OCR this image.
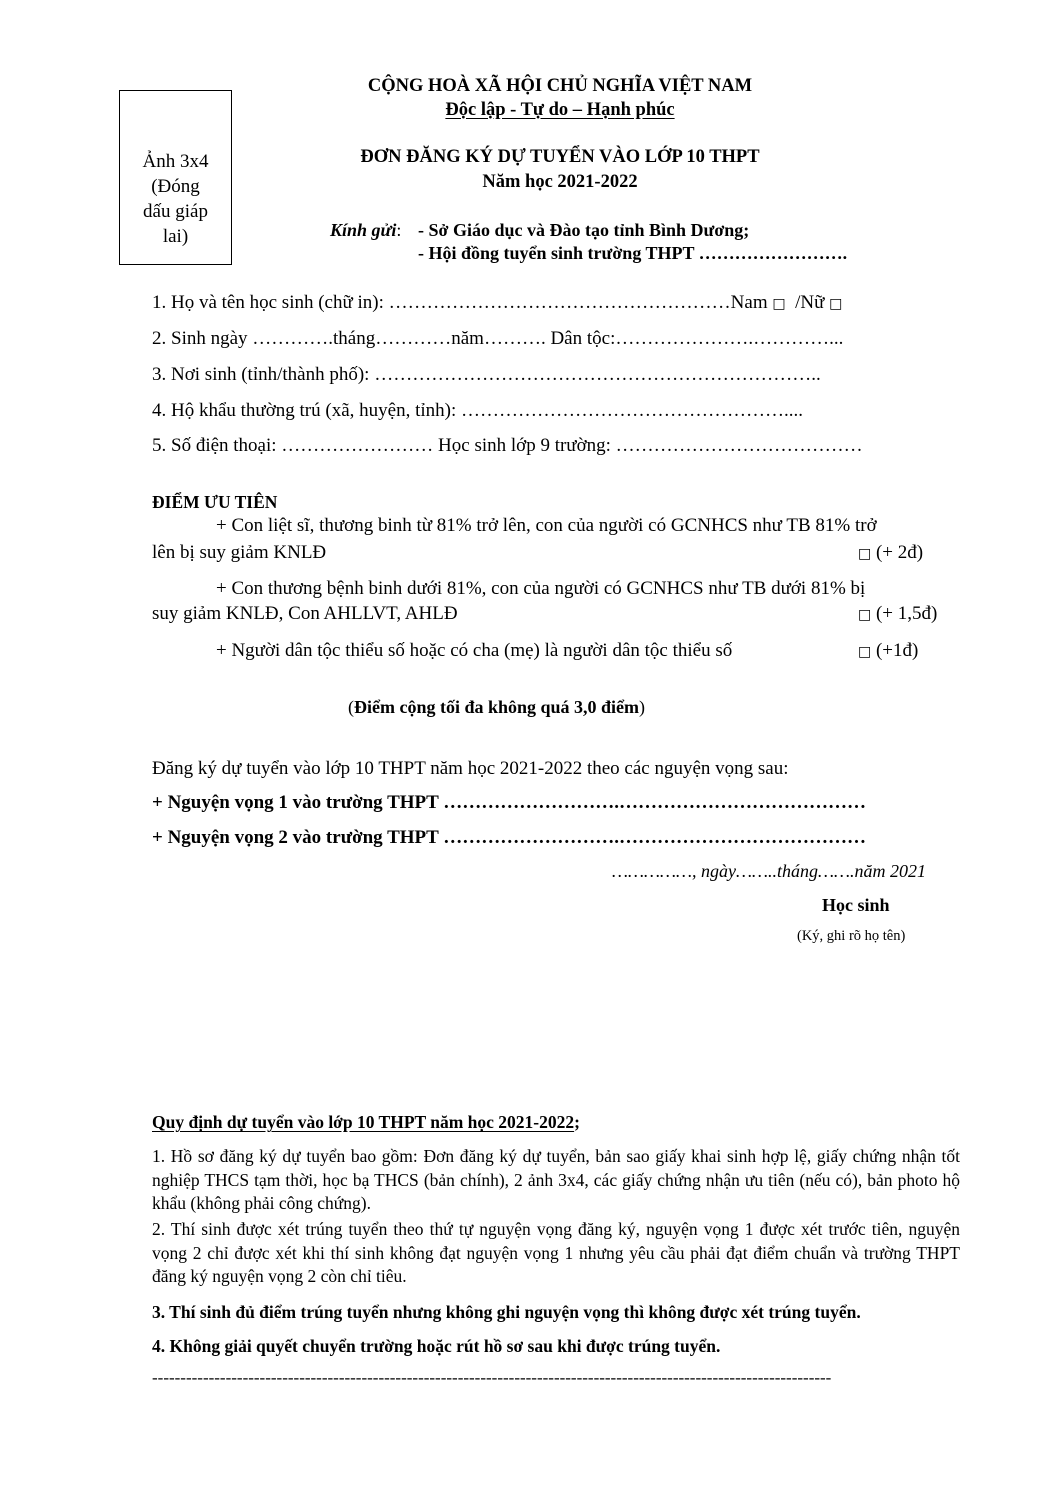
Ảnh 3x4
(Đóng
dấu giáp
lai)
CỘNG HOÀ XÃ HỘI CHỦ NGHĨA VIỆT NAM
Độc lập - Tự do – Hạnh phúc
ĐƠN ĐĂNG KÝ DỰ TUYỂN VÀO LỚP 10 THPT
Năm học 2021-2022
Kính gửi: - Sở Giáo dục và Đào tạo tỉnh Bình Dương;
- Hội đồng tuyển sinh trường THPT …………………….
1. Họ và tên học sinh (chữ in): ………………………………………………Nam □ /Nữ □
2. Sinh ngày ………….tháng…………năm………. Dân tộc:………………….…………...
3. Nơi sinh (tỉnh/thành phố): ……………………………………………………………..
4. Hộ khẩu thường trú (xã, huyện, tỉnh): ……………………………………………....
5. Số điện thoại: …………………… Học sinh lớp 9 trường: …………………………………
ĐIỂM ƯU TIÊN
+ Con liệt sĩ, thương binh từ 81% trở lên, con của người có GCNHCS như TB 81% trở
lên bị suy giảm KNLĐ	□ (+ 2đ)
+ Con thương bệnh binh dưới 81%, con của người có GCNHCS như TB dưới 81% bị
suy giảm KNLĐ, Con AHLLVT, AHLĐ	□ (+ 1,5đ)
+ Người dân tộc thiểu số hoặc có cha (mẹ) là người dân tộc thiểu số	□ (+1đ)
(Điểm cộng tối đa không quá 3,0 điểm)
Đăng ký dự tuyển vào lớp 10 THPT năm học 2021-2022 theo các nguyện vọng sau:
+ Nguyện vọng 1 vào trường THPT ……………………….…………………………………
+ Nguyện vọng 2 vào trường THPT ……………………….…………………………………
……………, ngày……..tháng…….năm 2021
Học sinh
(Ký, ghi rõ họ tên)
Quy định dự tuyển vào lớp 10 THPT năm học 2021-2022;
1. Hồ sơ đăng ký dự tuyển bao gồm: Đơn đăng ký dự tuyển, bản sao giấy khai sinh hợp lệ, giấy chứng nhận tốt nghiệp THCS tạm thời, học bạ THCS (bản chính), 2 ảnh 3x4, các giấy chứng nhận ưu tiên (nếu có), bản photo hộ khẩu (không phải công chứng).
2. Thí sinh được xét trúng tuyển theo thứ tự nguyện vọng đăng ký, nguyện vọng 1 được xét trước tiên, nguyện vọng 2 chỉ được xét khi thí sinh không đạt nguyện vọng 1 nhưng yêu cầu phải đạt điểm chuẩn và trường THPT đăng ký nguyện vọng 2 còn chỉ tiêu.
3. Thí sinh đủ điểm trúng tuyển nhưng không ghi nguyện vọng thì không được xét trúng tuyển.
4. Không giải quyết chuyển trường hoặc rút hồ sơ sau khi được trúng tuyển.
------------------------------------------------------------------------------------------------------------------------
